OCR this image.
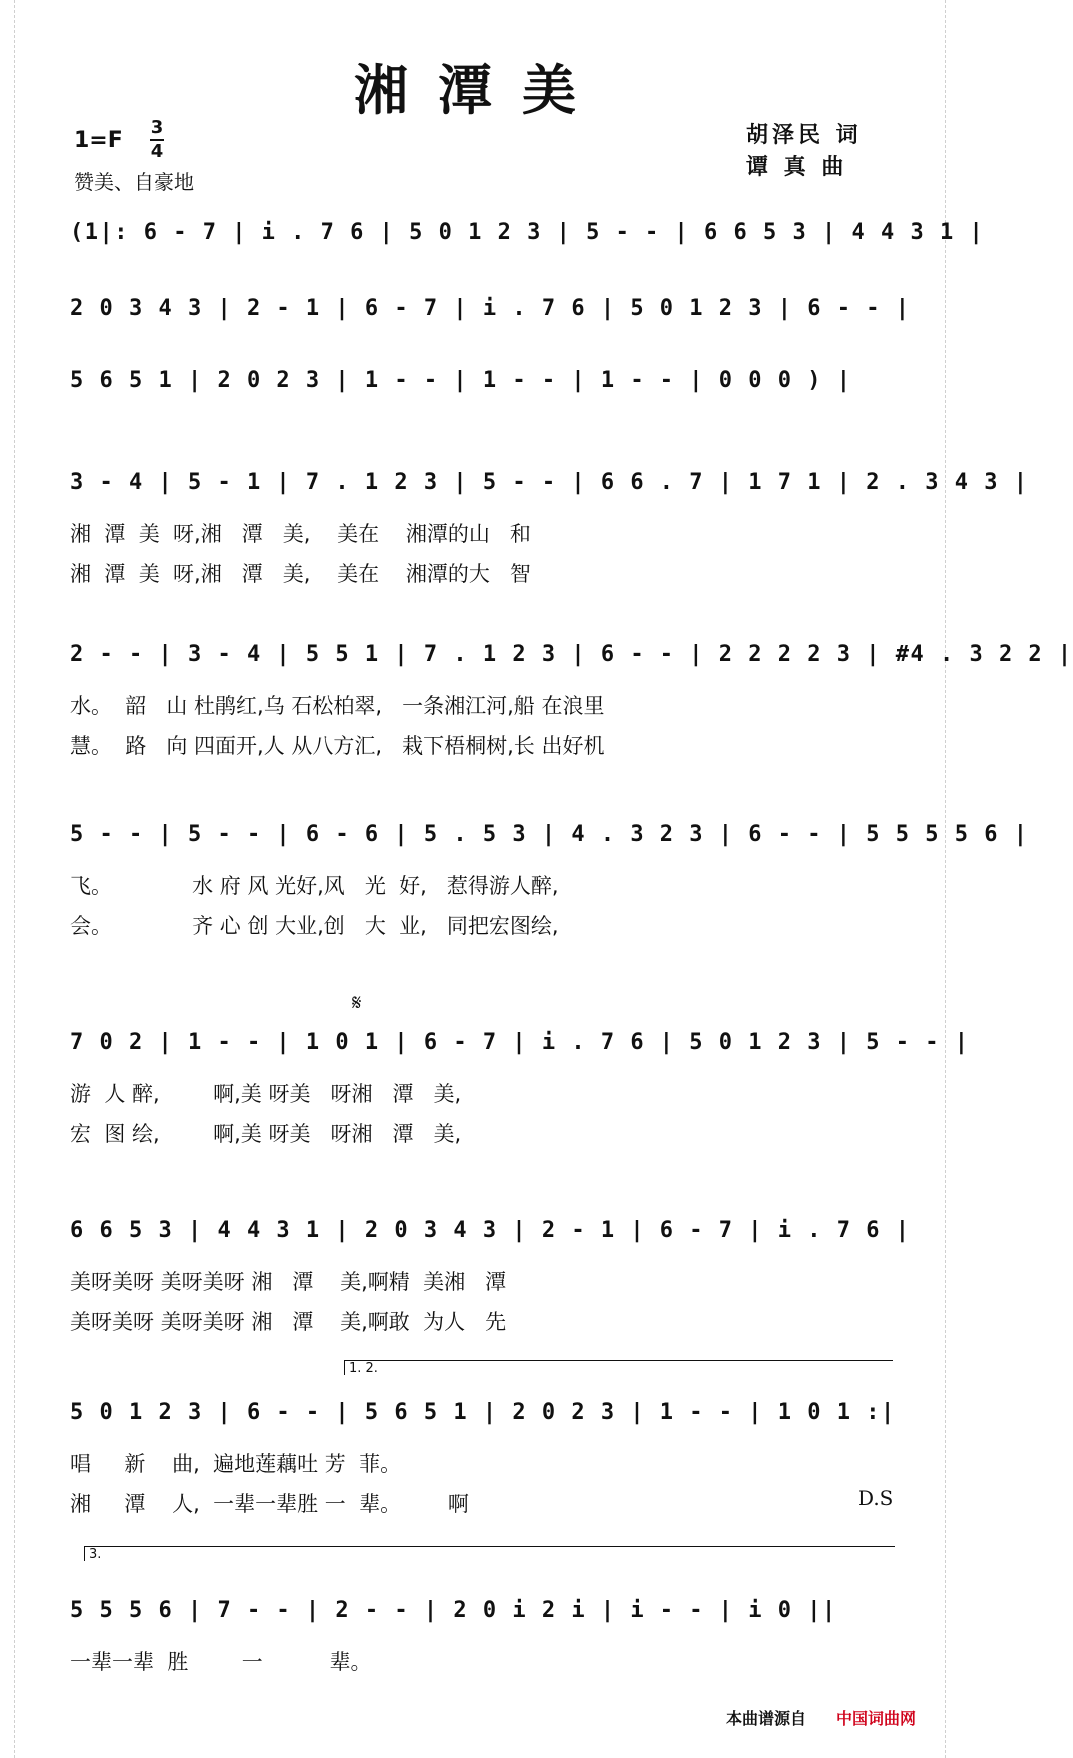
湘潭美
1=F
3
4
赞美、自豪地
胡泽民 词
谭 真 曲
(1|: 6 - 7 | i . 7 6 | 5 0 1 2 3 | 5 - - | 6 6 5 3 | 4 4 3 1 |
2 0 3 4 3 | 2 - 1 | 6 - 7 | i . 7 6 | 5 0 1 2 3 | 6 - - |
5 6 5 1 | 2 0 2 3 | 1 - - | 1 - - | 1 - - | 0 0 0 ) |
3 - 4 | 5 - 1 | 7 . 1 2 3 | 5 - - | 6 6 . 7 | 1 7 1 | 2 . 3 4 3 |
湘  潭  美  呀,湘   潭   美,    美在    湘潭的山   和
湘  潭  美  呀,湘   潭   美,    美在    湘潭的大   智
2 - - | 3 - 4 | 5 5 1 | 7 . 1 2 3 | 6 - - | 2 2 2 2 3 | #4 . 3 2 2 |
水。  韶   山 杜鹃红,乌 石松柏翠,   一条湘江河,船 在浪里
慧。  路   向 四面开,人 从八方汇,   栽下梧桐树,长 出好机
5 - - | 5 - - | 6 - 6 | 5 . 5 3 | 4 . 3 2 3 | 6 - - | 5 5 5 5 6 |
飞。            水 府 风 光好,风   光  好,   惹得游人醉,
会。            齐 心 创 大业,创   大  业,   同把宏图绘,
7 0 2 | 1 - - | 1 0 1 | 6 - 7 | i . 7 6 | 5 0 1 2 3 | 5 - - |
游  人 醉,        啊,美 呀美   呀湘   潭   美,
宏  图 绘,        啊,美 呀美   呀湘   潭   美,
6 6 5 3 | 4 4 3 1 | 2 0 3 4 3 | 2 - 1 | 6 - 7 | i . 7 6 |
美呀美呀 美呀美呀 湘   潭    美,啊精  美湘   潭
美呀美呀 美呀美呀 湘   潭    美,啊敢  为人   先
5 0 1 2 3 | 6 - - | 5 6 5 1 | 2 0 2 3 | 1 - - | 1 0 1 :|
唱     新    曲,  遍地莲藕吐 芳  菲。
湘     潭    人,  一辈一辈胜 一  辈。       啊
5 5 5 6 | 7 - - | 2 - - | 2 0 i 2 i | i - - | i 0 ||
一辈一辈  胜        一          辈。
𝄋
1. 2.
3.
D.S
本曲谱源自 中国词曲网
